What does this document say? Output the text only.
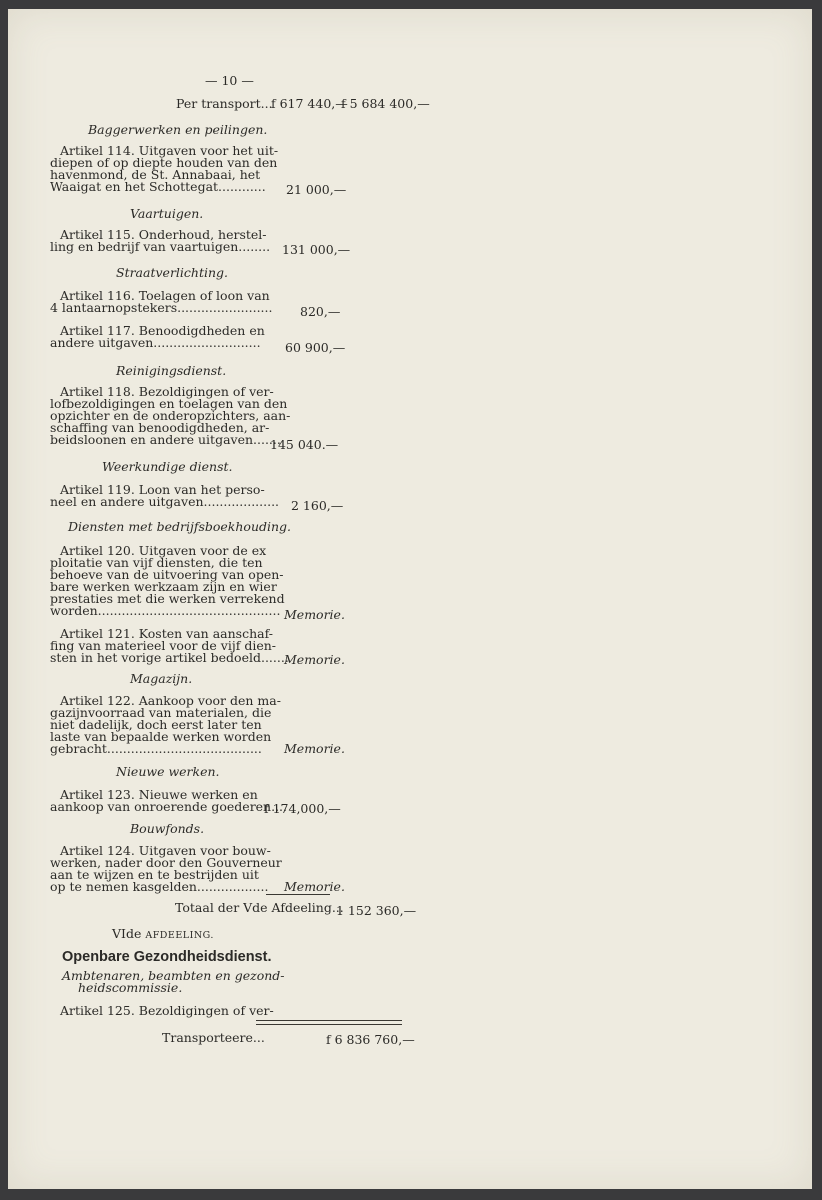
— 10 —
Per transport...
f 617 440,—
f 5 684 400,—
Baggerwerken en peilingen.
Artikel 114. Uitgaven voor het uit-
diepen of op diepte houden van den
havenmond, de St. Annabaai, het
Waaigat en het Schottegat............ 21 000,—
Vaartuigen.
Artikel 115. Onderhoud, herstel-
ling en bedrijf van vaartuigen........ 131 000,—
Straatverlichting.
Artikel 116. Toelagen of loon van
4 lantaarnopstekers........................ 820,—
Artikel 117. Benoodigdheden en
andere uitgaven........................... 60 900,—
Reinigingsdienst.
Artikel 118. Bezoldigingen of ver-
lofbezoldigingen en toelagen van den
opzichter en de onderopzichters, aan-
schaffing van benoodigdheden, ar-
beidsloonen en andere uitgaven.......
145 040.—
Weerkundige dienst.
Artikel 119. Loon van het perso-
neel en andere uitgaven................... 2 160,—
Diensten met bedrijfsboekhouding.
Artikel 120. Uitgaven voor de ex
ploitatie van vijf diensten, die ten
behoeve van de uitvoering van open-
bare werken werkzaam zijn en wier
prestaties met die werken verrekend
worden.............................................. Memorie.
Artikel 121. Kosten van aanschaf-
fing van materieel voor de vijf dien-
sten in het vorige artikel bedoeld.......
Memorie.
Magazijn.
Artikel 122. Aankoop voor den ma-
gazijnvoorraad van materialen, die
niet dadelijk, doch eerst later ten
laste van bepaalde werken worden
gebracht....................................... Memorie.
Nieuwe werken.
Artikel 123. Nieuwe werken en
aankoop van onroerende goederen....
f 174,000,—
Bouwfonds.
Artikel 124. Uitgaven voor bouw-
werken, nader door den Gouverneur
aan te wijzen en te bestrijden uit
op te nemen kasgelden.................. Memorie.
Totaal der Vde Afdeeling...
1 152 360,—
VIde AFDEELING.
Openbare Gezondheidsdienst.
Ambtenaren, beambten en gezond-
heidscommissie.
Artikel 125. Bezoldigingen of ver-
Transporteere...	f 6 836 760,—
